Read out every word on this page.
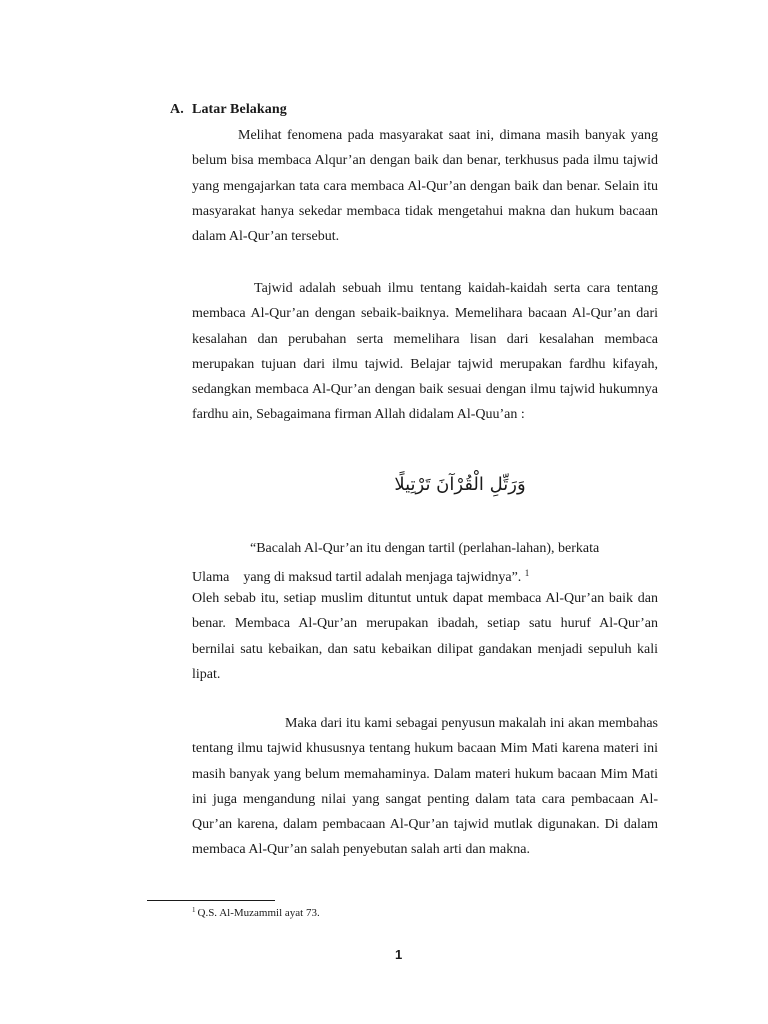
A. Latar Belakang

Melihat fenomena pada masyarakat saat ini, dimana masih banyak yang belum bisa membaca Alqur’an dengan baik dan benar, terkhusus pada ilmu tajwid yang mengajarkan tata cara membaca Al-Qur’an dengan baik dan benar. Selain itu masyarakat hanya sekedar membaca tidak mengetahui makna dan hukum bacaan dalam Al-Qur’an tersebut.

Tajwid adalah sebuah ilmu tentang kaidah-kaidah serta cara tentang membaca Al-Qur’an dengan sebaik-baiknya. Memelihara bacaan Al-Qur’an dari kesalahan dan perubahan serta memelihara lisan dari kesalahan membaca merupakan tujuan dari ilmu tajwid. Belajar tajwid merupakan fardhu kifayah, sedangkan membaca Al-Qur’an dengan baik sesuai dengan ilmu tajwid hukumnya fardhu ain, Sebagaimana firman Allah didalam Al-Quu’an :

وَرَتِّلِ الْقُرْآنَ تَرْتِيلًا
“Bacalah Al-Qur’an itu dengan tartil (perlahan-lahan), berkata
Ulama    yang di maksud tartil adalah menjaga tajwidnya”. $^1$

Oleh sebab itu, setiap muslim dituntut untuk dapat membaca Al-Qur’an baik dan benar. Membaca Al-Qur’an merupakan ibadah, setiap satu huruf Al-Qur’an bernilai satu kebaikan, dan satu kebaikan dilipat gandakan menjadi sepuluh kali lipat.

Maka dari itu kami sebagai penyusun makalah ini akan membahas tentang ilmu tajwid khususnya tentang hukum bacaan Mim Mati karena materi ini masih banyak yang belum memahaminya. Dalam materi hukum bacaan Mim Mati ini juga mengandung nilai yang sangat penting dalam tata cara pembacaan Al-Qur’an karena, dalam pembacaan Al-Qur’an tajwid mutlak digunakan. Di dalam membaca Al-Qur’an salah penyebutan salah arti dan makna.

$^1$ Q.S. Al-Muzammil ayat 73.
1
